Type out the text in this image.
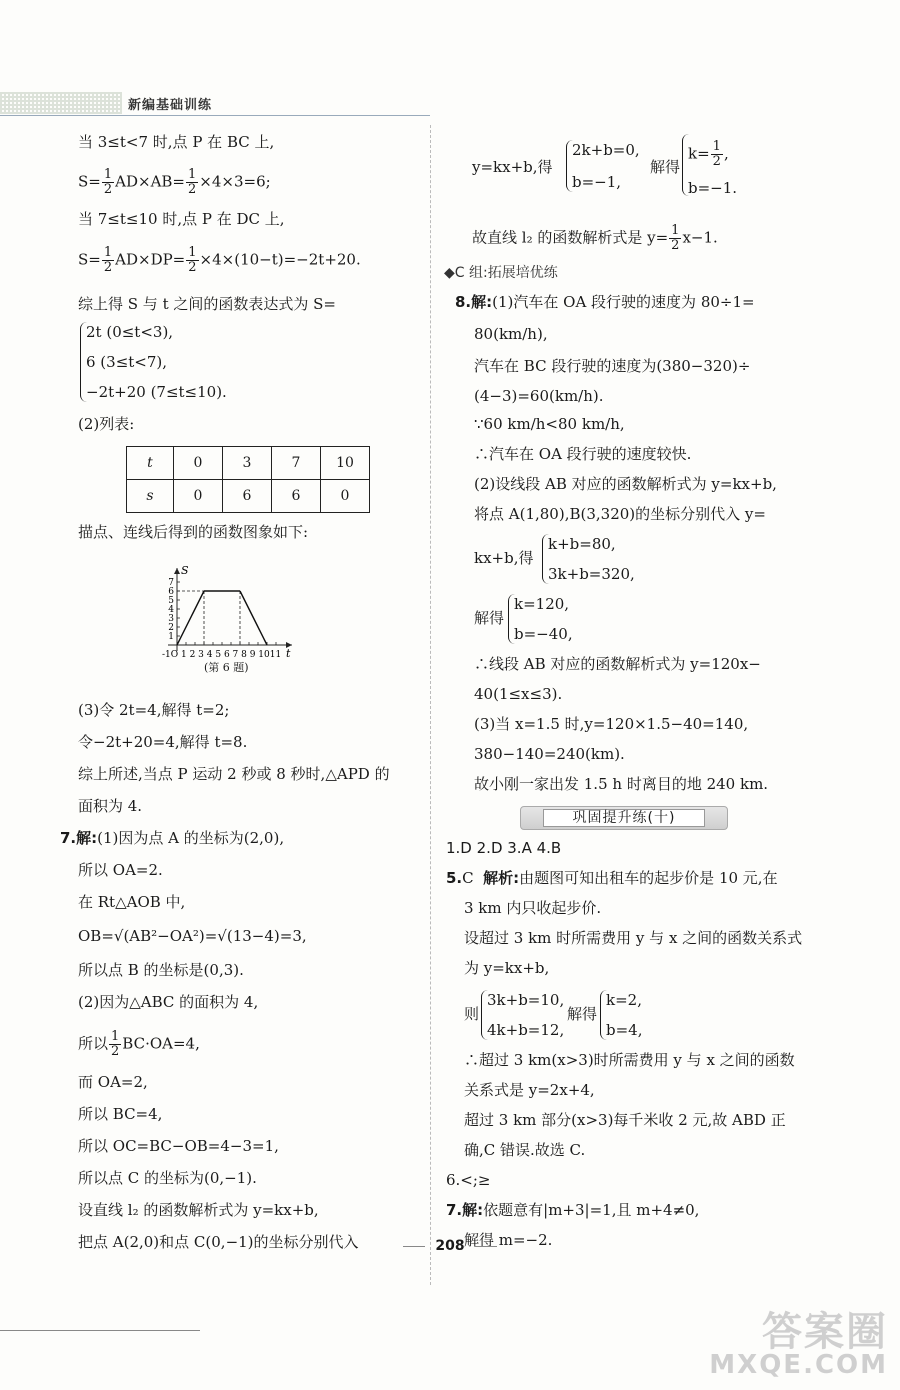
新编基础训练
当 3≤t<7 时,点 P 在 BC 上,
$S= \frac{1}{2} AD\times AB= \frac{1}{2} \times 4\times 3=6$;
当 7≤t≤10 时,点 P 在 DC 上,
$S= \frac{1}{2} AD\times DP= \frac{1}{2} \times 4\times(10-t)=-2t+20$.
综上得 S 与 t 之间的函数表达式为 S=
2t (0≤t<3),
6 (3≤t<7),
−2t+20 (7≤t≤10).
(2)列表:
t	0	3	7	10
s	0	6	6	0
描点、连线后得到的函数图象如下:
1
2
3
4
5
6
7
-1O 1 2 3 4 5 6 7 8 9 1011
S
t
(第 6 题)
(3)令 2t=4,解得 t=2;
令−2t+20=4,解得 t=8.
综上所述,当点 P 运动 2 秒或 8 秒时,△APD 的
面积为 4.
7.解:(1)因为点 A 的坐标为(2,0),
所以 OA=2.
在 Rt△AOB 中,
OB=√(AB²−OA²)=√(13−4)=3,
所以点 B 的坐标是(0,3).
(2)因为△ABC 的面积为 4,
所以 $\frac{1}{2} BC\cdot OA=4$,
而 OA=2,
所以 BC=4,
所以 OC=BC−OB=4−3=1,
所以点 C 的坐标为(0,−1).
设直线 l₂ 的函数解析式为 y=kx+b,
把点 A(2,0)和点 C(0,−1)的坐标分别代入
y=kx+b,得
2k+b=0,
b=−1,
解得
$k= \frac{1}{2}$ ,
b=−1.
故直线 l₂ 的函数解析式是 $y= \frac{1}{2} x-1$.
◆C 组:拓展培优练
8.解:(1)汽车在 OA 段行驶的速度为 80÷1=
80(km/h),
汽车在 BC 段行驶的速度为(380−320)÷
(4−3)=60(km/h).
∵60 km/h<80 km/h,
∴汽车在 OA 段行驶的速度较快.
(2)设线段 AB 对应的函数解析式为 y=kx+b,
将点 A(1,80),B(3,320)的坐标分别代入 y=
kx+b,得
k+b=80,
3k+b=320,
解得
k=120,
b=−40,
∴线段 AB 对应的函数解析式为 y=120x−
40(1≤x≤3).
(3)当 x=1.5 时,y=120×1.5−40=140,
380−140=240(km).
故小刚一家出发 1.5 h 时离目的地 240 km.
巩固提升练(十)
1.D 2.D 3.A 4.B
5.C 解析:由题图可知出租车的起步价是 10 元,在
3 km 内只收起步价.
设超过 3 km 时所需费用 y 与 x 之间的函数关系式
为 y=kx+b,
则
3k+b=10,
4k+b=12,
解得
k=2,
b=4,
∴超过 3 km(x>3)时所需费用 y 与 x 之间的函数
关系式是 y=2x+4,
超过 3 km 部分(x>3)每千米收 2 元,故 ABD 正
确,C 错误.故选 C.
6.<;≥
7.解:依题意有|m+3|=1,且 m+4≠0,
解得 m=−2.
208
答案圈
MXQE.COM
